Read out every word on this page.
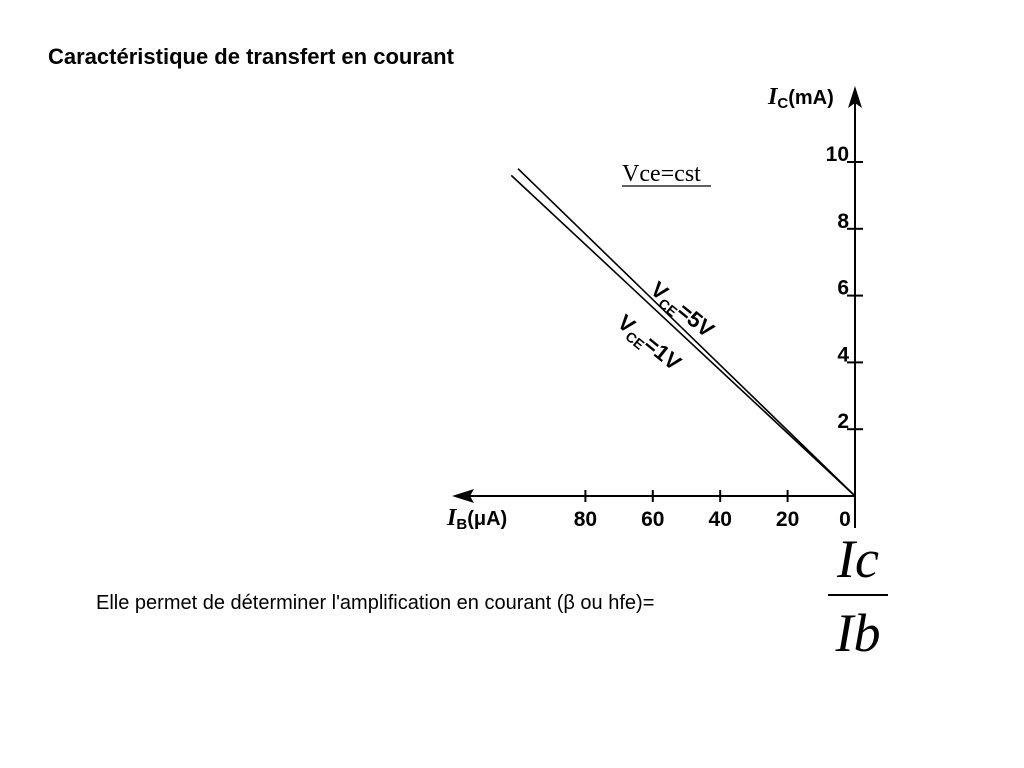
Caractéristique de transfert en courant
0
20
40
60
80
2
4
6
8
10
Vce=cst
IB(μA)
IC(mA)
$V_{CE}=5V$
$V_{CE}=1V$
Elle permet de déterminer l'amplification en courant (β ou hfe)=
Ic
Ib
